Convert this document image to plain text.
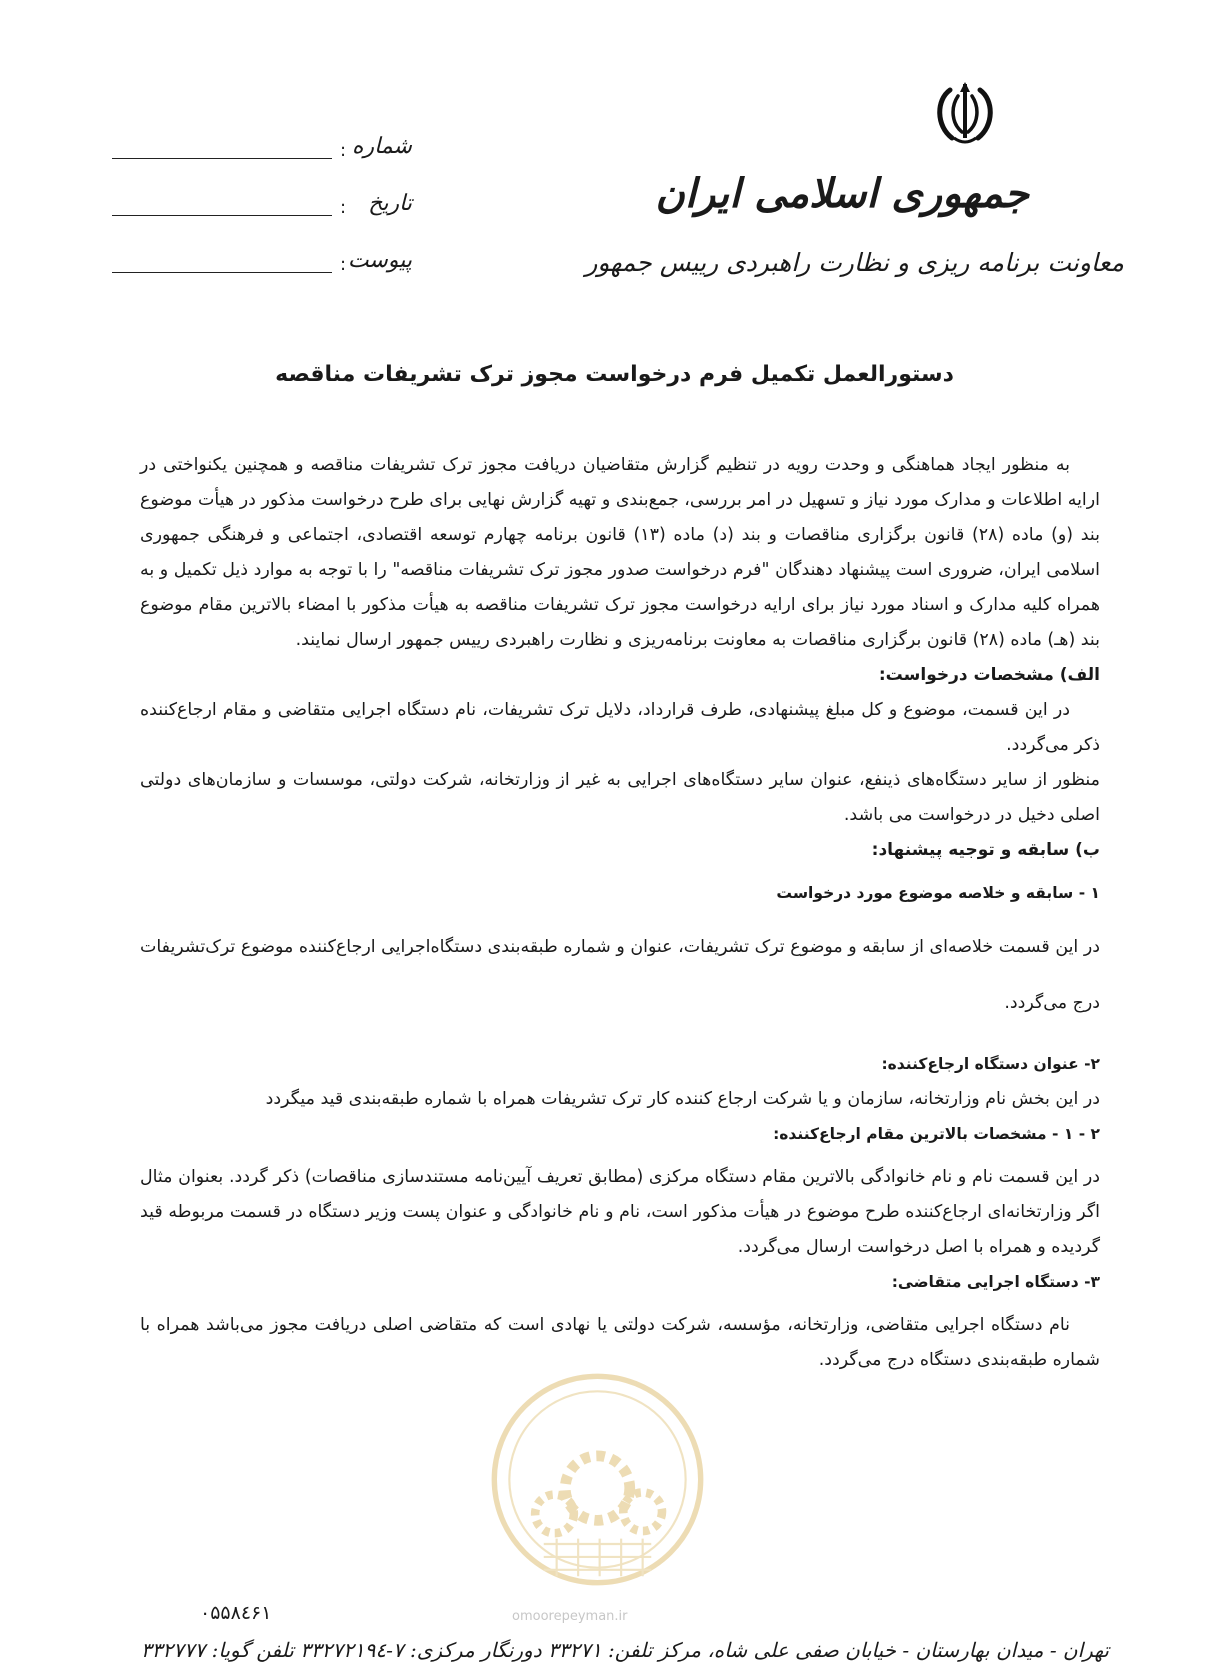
جمهوری اسلامی ایران
معاونت برنامه ریزی و نظارت راهبردی رییس جمهور
: شماره
: تاریخ
: پیوست
دستورالعمل تکمیل فرم درخواست مجوز ترک تشریفات مناقصه

به منظور ایجاد هماهنگی و وحدت رویه در تنظیم گزارش متقاضیان دریافت مجوز ترک تشریفات مناقصه و همچنین یکنواختی در ارایه اطلاعات و مدارک مورد نیاز و تسهیل در امر بررسی، جمع‌بندی و تهیه گزارش نهایی برای طرح درخواست مذکور در هیأت موضوع بند (و) ماده (۲۸) قانون برگزاری مناقصات و بند (د) ماده (۱۳) قانون برنامه چهارم توسعه اقتصادی، اجتماعی و فرهنگی جمهوری اسلامی ایران، ضروری است پیشنهاد دهندگان "فرم درخواست صدور مجوز ترک تشریفات مناقصه" را با توجه به موارد ذیل تکمیل و به همراه کلیه مدارک و اسناد مورد نیاز برای ارایه درخواست مجوز ترک تشریفات مناقصه به هیأت مذکور با امضاء بالاترین مقام موضوع بند (هـ) ماده (۲۸) قانون برگزاری مناقصات به معاونت برنامه‌ریزی و نظارت راهبردی رییس جمهور ارسال نمایند.

الف) مشخصات درخواست:

در این قسمت، موضوع و کل مبلغ پیشنهادی، طرف قرارداد، دلایل ترک تشریفات، نام دستگاه اجرایی متقاضی و مقام ارجاع‌کننده ذکر می‌گردد.

منظور از سایر دستگاه‌های ذینفع، عنوان سایر دستگاه‌های اجرایی به غیر از وزارتخانه، شرکت دولتی، موسسات و سازمان‌های دولتی اصلی دخیل در درخواست می باشد.

ب) سابقه و توجیه پیشنهاد:

۱ - سابقه و خلاصه موضوع مورد درخواست

در این قسمت خلاصه‌ای از سابقه و موضوع ترک تشریفات، عنوان و شماره طبقه‌بندی دستگاه‌اجرایی ارجاع‌کننده موضوع ترک‌تشریفات درج می‌گردد.

۲- عنوان دستگاه ارجاع‌کننده:

در این بخش نام وزارتخانه، سازمان و یا شرکت ارجاع کننده کار ترک تشریفات همراه با شماره طبقه‌بندی قید میگردد

۲ - ۱ - مشخصات بالاترین مقام ارجاع‌کننده:

در این قسمت نام و نام خانوادگی بالاترین مقام دستگاه مرکزی (مطابق تعریف آیین‌نامه مستندسازی مناقصات) ذکر گردد. بعنوان مثال اگر وزارتخانه‌ای ارجاع‌کننده طرح موضوع در هیأت مذکور است، نام و نام خانوادگی و عنوان پست وزیر دستگاه در قسمت مربوطه قید گردیده و همراه با اصل درخواست ارسال می‌گردد.

۳- دستگاه اجرایی متقاضی:

نام دستگاه اجرایی متقاضی، وزارتخانه، مؤسسه، شرکت دولتی یا نهادی است که متقاضی اصلی دریافت مجوز می‌باشد همراه با شماره طبقه‌بندی دستگاه درج می‌گردد.

۰۵۵۸٤۶۱	omoorepeyman.ir
تهران - میدان بهارستان - خیابان صفی علی شاه، مرکز تلفن: ۳۳۲۷۱ دورنگار مرکزی: ۷-۳۳۲۷۲۱۹٤ تلفن گویا: ۳۳۲۷۷۷
